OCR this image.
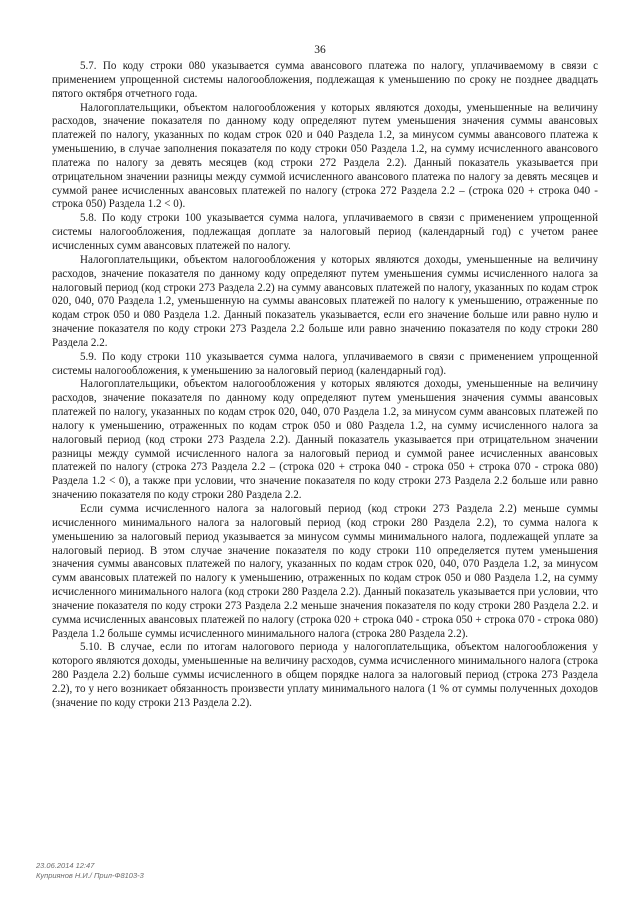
36

5.7. По коду строки 080 указывается сумма авансового платежа по налогу, уплачиваемому в связи с применением упрощенной системы налогообложения, подлежащая к уменьшению по сроку не позднее двадцать пятого октября отчетного года.

Налогоплательщики, объектом налогообложения у которых являются доходы, уменьшенные на величину расходов, значение показателя по данному коду определяют путем уменьшения значения суммы авансовых платежей по налогу, указанных по кодам строк 020 и 040 Раздела 1.2, за минусом суммы авансового платежа к уменьшению, в случае заполнения показателя по коду строки 050 Раздела 1.2, на сумму исчисленного авансового платежа по налогу за девять месяцев (код строки 272 Раздела 2.2). Данный показатель указывается при отрицательном значении разницы между суммой исчисленного авансового платежа по налогу за девять месяцев и суммой ранее исчисленных авансовых платежей по налогу (строка 272 Раздела 2.2 – (строка 020 + строка 040 - строка 050) Раздела 1.2 < 0).

5.8. По коду строки 100 указывается сумма налога, уплачиваемого в связи с применением упрощенной системы налогообложения, подлежащая доплате за налоговый период (календарный год) с учетом ранее исчисленных сумм авансовых платежей по налогу.

Налогоплательщики, объектом налогообложения у которых являются доходы, уменьшенные на величину расходов, значение показателя по данному коду определяют путем уменьшения суммы исчисленного налога за налоговый период (код строки 273 Раздела 2.2) на сумму авансовых платежей по налогу, указанных по кодам строк 020, 040, 070 Раздела 1.2, уменьшенную на суммы авансовых платежей по налогу к уменьшению, отраженные по кодам строк 050 и 080 Раздела 1.2. Данный показатель указывается, если его значение больше или равно нулю и значение показателя по коду строки 273 Раздела 2.2 больше или равно значению показателя по коду строки 280 Раздела 2.2.

5.9. По коду строки 110 указывается сумма налога, уплачиваемого в связи с применением упрощенной системы налогообложения, к уменьшению за налоговый период (календарный год).

Налогоплательщики, объектом налогообложения у которых являются доходы, уменьшенные на величину расходов, значение показателя по данному коду определяют путем уменьшения значения суммы авансовых платежей по налогу, указанных по кодам строк 020, 040, 070 Раздела 1.2, за минусом сумм авансовых платежей по налогу к уменьшению, отраженных по кодам строк 050 и 080 Раздела 1.2, на сумму исчисленного налога за налоговый период (код строки 273 Раздела 2.2). Данный показатель указывается при отрицательном значении разницы между суммой исчисленного налога за налоговый период и суммой ранее исчисленных авансовых платежей по налогу (строка 273 Раздела 2.2 – (строка 020 + строка 040 - строка 050 + строка 070 - строка 080) Раздела 1.2 < 0), а также при условии, что значение показателя по коду строки 273 Раздела 2.2 больше или равно значению показателя по коду строки 280 Раздела 2.2.

Если сумма исчисленного налога за налоговый период (код строки 273 Раздела 2.2) меньше суммы исчисленного минимального налога за налоговый период (код строки 280 Раздела 2.2), то сумма налога к уменьшению за налоговый период указывается за минусом суммы минимального налога, подлежащей уплате за налоговый период. В этом случае значение показателя по коду строки 110 определяется путем уменьшения значения суммы авансовых платежей по налогу, указанных по кодам строк 020, 040, 070 Раздела 1.2, за минусом сумм авансовых платежей по налогу к уменьшению, отраженных по кодам строк 050 и 080 Раздела 1.2, на сумму исчисленного минимального налога (код строки 280 Раздела 2.2). Данный показатель указывается при условии, что значение показателя по коду строки 273 Раздела 2.2 меньше значения показателя по коду строки 280 Раздела 2.2. и сумма исчисленных авансовых платежей по налогу (строка 020 + строка 040 - строка 050 + строка 070 - строка 080) Раздела 1.2 больше суммы исчисленного минимального налога (строка 280 Раздела 2.2).

5.10. В случае, если по итогам налогового периода у налогоплательщика, объектом налогообложения у которого являются доходы, уменьшенные на величину расходов, сумма исчисленного минимального налога (строка 280 Раздела 2.2) больше суммы исчисленного в общем порядке налога за налоговый период (строка 273 Раздела 2.2), то у него возникает обязанность произвести уплату минимального налога (1 % от суммы полученных доходов (значение по коду строки 213 Раздела 2.2).

23.06.2014 12:47
Куприянов Н.И./ Прил-Ф8103-3
